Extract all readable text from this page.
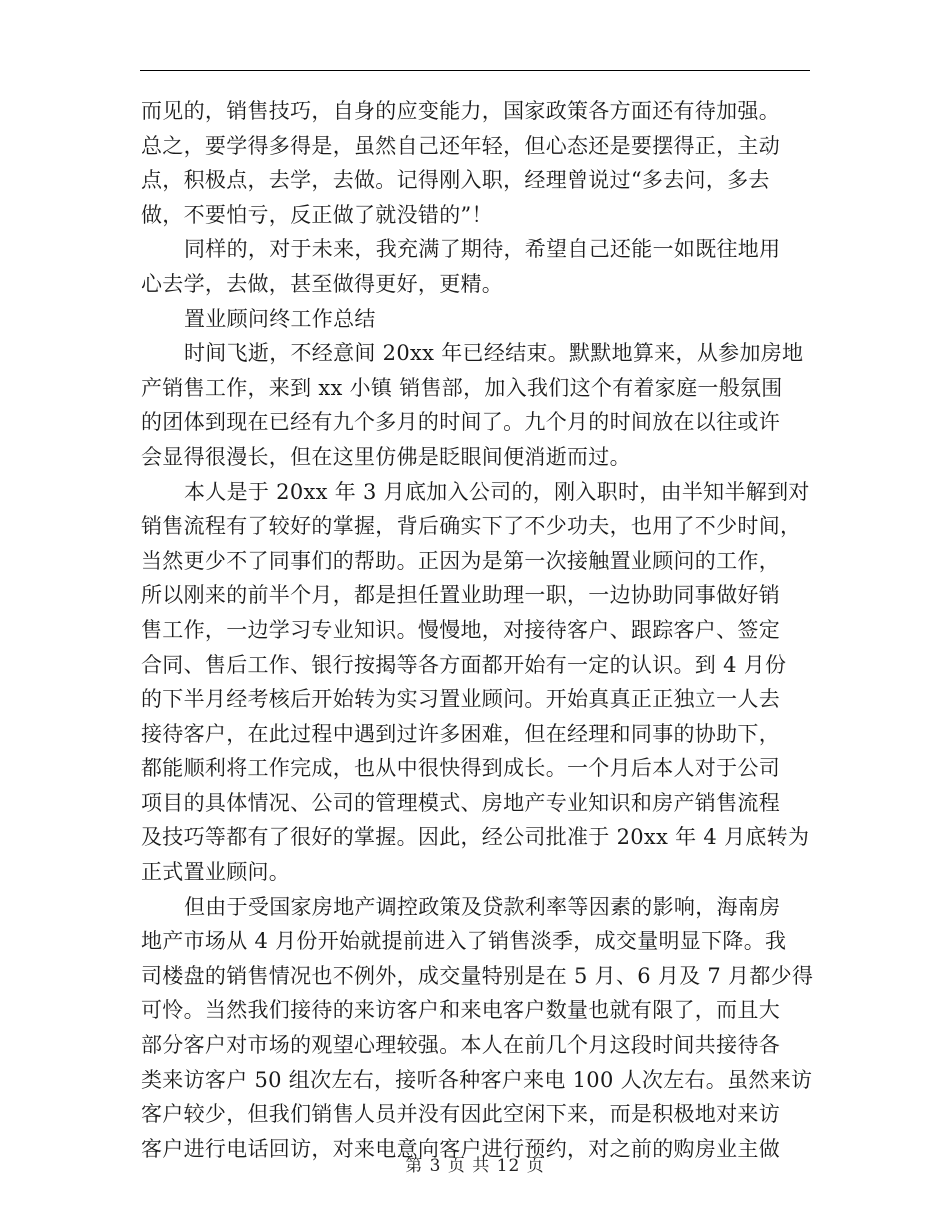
而见的，销售技巧，自身的应变能力，国家政策各方面还有待加强。
总之，要学得多得是，虽然自己还年轻，但心态还是要摆得正，主动
点，积极点，去学，去做。记得刚入职，经理曾说过“多去问，多去
做，不要怕亏，反正做了就没错的”！
同样的，对于未来，我充满了期待，希望自己还能一如既往地用
心去学，去做，甚至做得更好，更精。
置业顾问终工作总结
时间飞逝，不经意间 20xx 年已经结束。默默地算来，从参加房地
产销售工作，来到 xx 小镇 销售部，加入我们这个有着家庭一般氛围
的团体到现在已经有九个多月的时间了。九个月的时间放在以往或许
会显得很漫长，但在这里仿佛是眨眼间便消逝而过。
本人是于 20xx 年 3 月底加入公司的，刚入职时，由半知半解到对
销售流程有了较好的掌握，背后确实下了不少功夫，也用了不少时间，
当然更少不了同事们的帮助。正因为是第一次接触置业顾问的工作，
所以刚来的前半个月，都是担任置业助理一职，一边协助同事做好销
售工作，一边学习专业知识。慢慢地，对接待客户、跟踪客户、签定
合同、售后工作、银行按揭等各方面都开始有一定的认识。到 4 月份
的下半月经考核后开始转为实习置业顾问。开始真真正正独立一人去
接待客户，在此过程中遇到过许多困难，但在经理和同事的协助下，
都能顺利将工作完成，也从中很快得到成长。一个月后本人对于公司
项目的具体情况、公司的管理模式、房地产专业知识和房产销售流程
及技巧等都有了很好的掌握。因此，经公司批准于 20xx 年 4 月底转为
正式置业顾问。
但由于受国家房地产调控政策及贷款利率等因素的影响，海南房
地产市场从 4 月份开始就提前进入了销售淡季，成交量明显下降。我
司楼盘的销售情况也不例外，成交量特别是在 5 月、6 月及 7 月都少得
可怜。当然我们接待的来访客户和来电客户数量也就有限了，而且大
部分客户对市场的观望心理较强。本人在前几个月这段时间共接待各
类来访客户 50 组次左右，接听各种客户来电 100 人次左右。虽然来访
客户较少，但我们销售人员并没有因此空闲下来，而是积极地对来访
客户进行电话回访，对来电意向客户进行预约，对之前的购房业主做
第 3 页 共 12 页
